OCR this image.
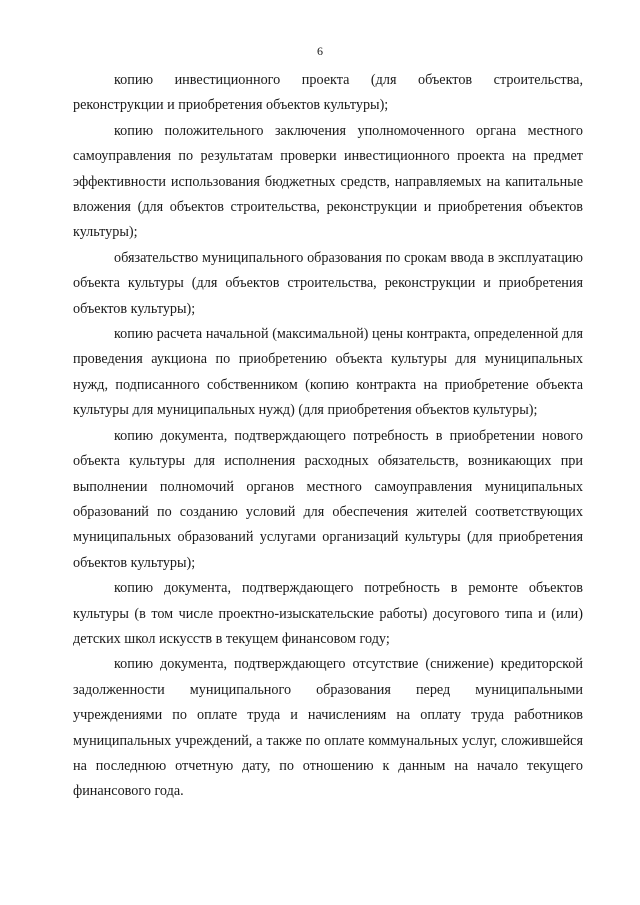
6

копию инвестиционного проекта (для объектов строительства, реконструкции и приобретения объектов культуры);

копию положительного заключения уполномоченного органа местного самоуправления по результатам проверки инвестиционного проекта на предмет эффективности использования бюджетных средств, направляемых на капитальные вложения (для объектов строительства, реконструкции и приобретения объектов культуры);

обязательство муниципального образования по срокам ввода в эксплуатацию объекта культуры (для объектов строительства, реконструкции и приобретения объектов культуры);

копию расчета начальной (максимальной) цены контракта, определенной для проведения аукциона по приобретению объекта культуры для муниципальных нужд, подписанного собственником (копию контракта на приобретение объекта культуры для муниципальных нужд) (для приобретения объектов культуры);

копию документа, подтверждающего потребность в приобретении нового объекта культуры для исполнения расходных обязательств, возникающих при выполнении полномочий органов местного самоуправления муниципальных образований по созданию условий для обеспечения жителей соответствующих муниципальных образований услугами организаций культуры (для приобретения объектов культуры);

копию документа, подтверждающего потребность в ремонте объектов культуры (в том числе проектно-изыскательские работы) досугового типа и (или) детских школ искусств в текущем финансовом году;

копию документа, подтверждающего отсутствие (снижение) кредиторской задолженности муниципального образования перед муниципальными учреждениями по оплате труда и начислениям на оплату труда работников муниципальных учреждений, а также по оплате коммунальных услуг, сложившейся на последнюю отчетную дату, по отношению к данным на начало текущего финансового года.
